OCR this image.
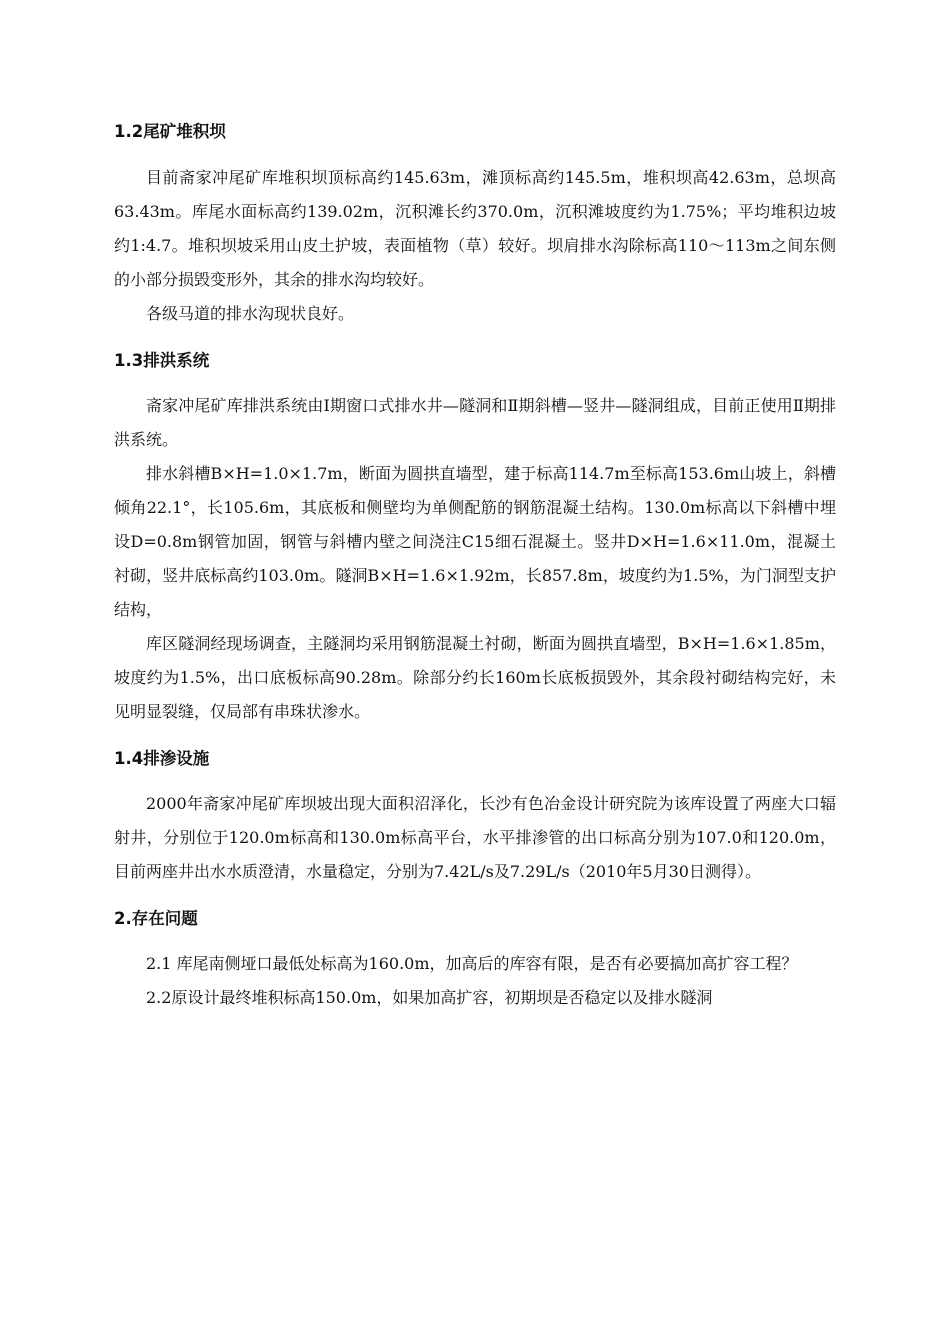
1.2尾矿堆积坝

目前斋家冲尾矿库堆积坝顶标高约145.63m，滩顶标高约145.5m，堆积坝高42.63m，总坝高63.43m。库尾水面标高约139.02m，沉积滩长约370.0m，沉积滩坡度约为1.75%；平均堆积边坡约1:4.7。堆积坝坡采用山皮土护坡，表面植物（草）较好。坝肩排水沟除标高110～113m之间东侧的小部分损毁变形外，其余的排水沟均较好。

各级马道的排水沟现状良好。

1.3排洪系统

斋家冲尾矿库排洪系统由Ⅰ期窗口式排水井—隧洞和Ⅱ期斜槽—竖井—隧洞组成，目前正使用Ⅱ期排洪系统。

排水斜槽B×H=1.0×1.7m，断面为圆拱直墙型，建于标高114.7m至标高153.6m山坡上，斜槽倾角22.1°，长105.6m，其底板和侧壁均为单侧配筋的钢筋混凝土结构。130.0m标高以下斜槽中埋设D=0.8m钢管加固，钢管与斜槽内壁之间浇注C15细石混凝土。竖井D×H=1.6×11.0m，混凝土衬砌，竖井底标高约103.0m。隧洞B×H=1.6×1.92m，长857.8m，坡度约为1.5%，为门洞型支护结构，

库区隧洞经现场调查，主隧洞均采用钢筋混凝土衬砌，断面为圆拱直墙型，B×H=1.6×1.85m，坡度约为1.5%，出口底板标高90.28m。除部分约长160m长底板损毁外，其余段衬砌结构完好，未见明显裂缝，仅局部有串珠状渗水。

1.4排渗设施

2000年斋家冲尾矿库坝坡出现大面积沼泽化，长沙有色冶金设计研究院为该库设置了两座大口辐射井，分别位于120.0m标高和130.0m标高平台，水平排渗管的出口标高分别为107.0和120.0m，目前两座井出水水质澄清，水量稳定，分别为7.42L/s及7.29L/s（2010年5月30日测得）。

2.存在问题

2.1 库尾南侧垭口最低处标高为160.0m，加高后的库容有限，是否有必要搞加高扩容工程？

2.2原设计最终堆积标高150.0m，如果加高扩容，初期坝是否稳定以及排水隧洞
